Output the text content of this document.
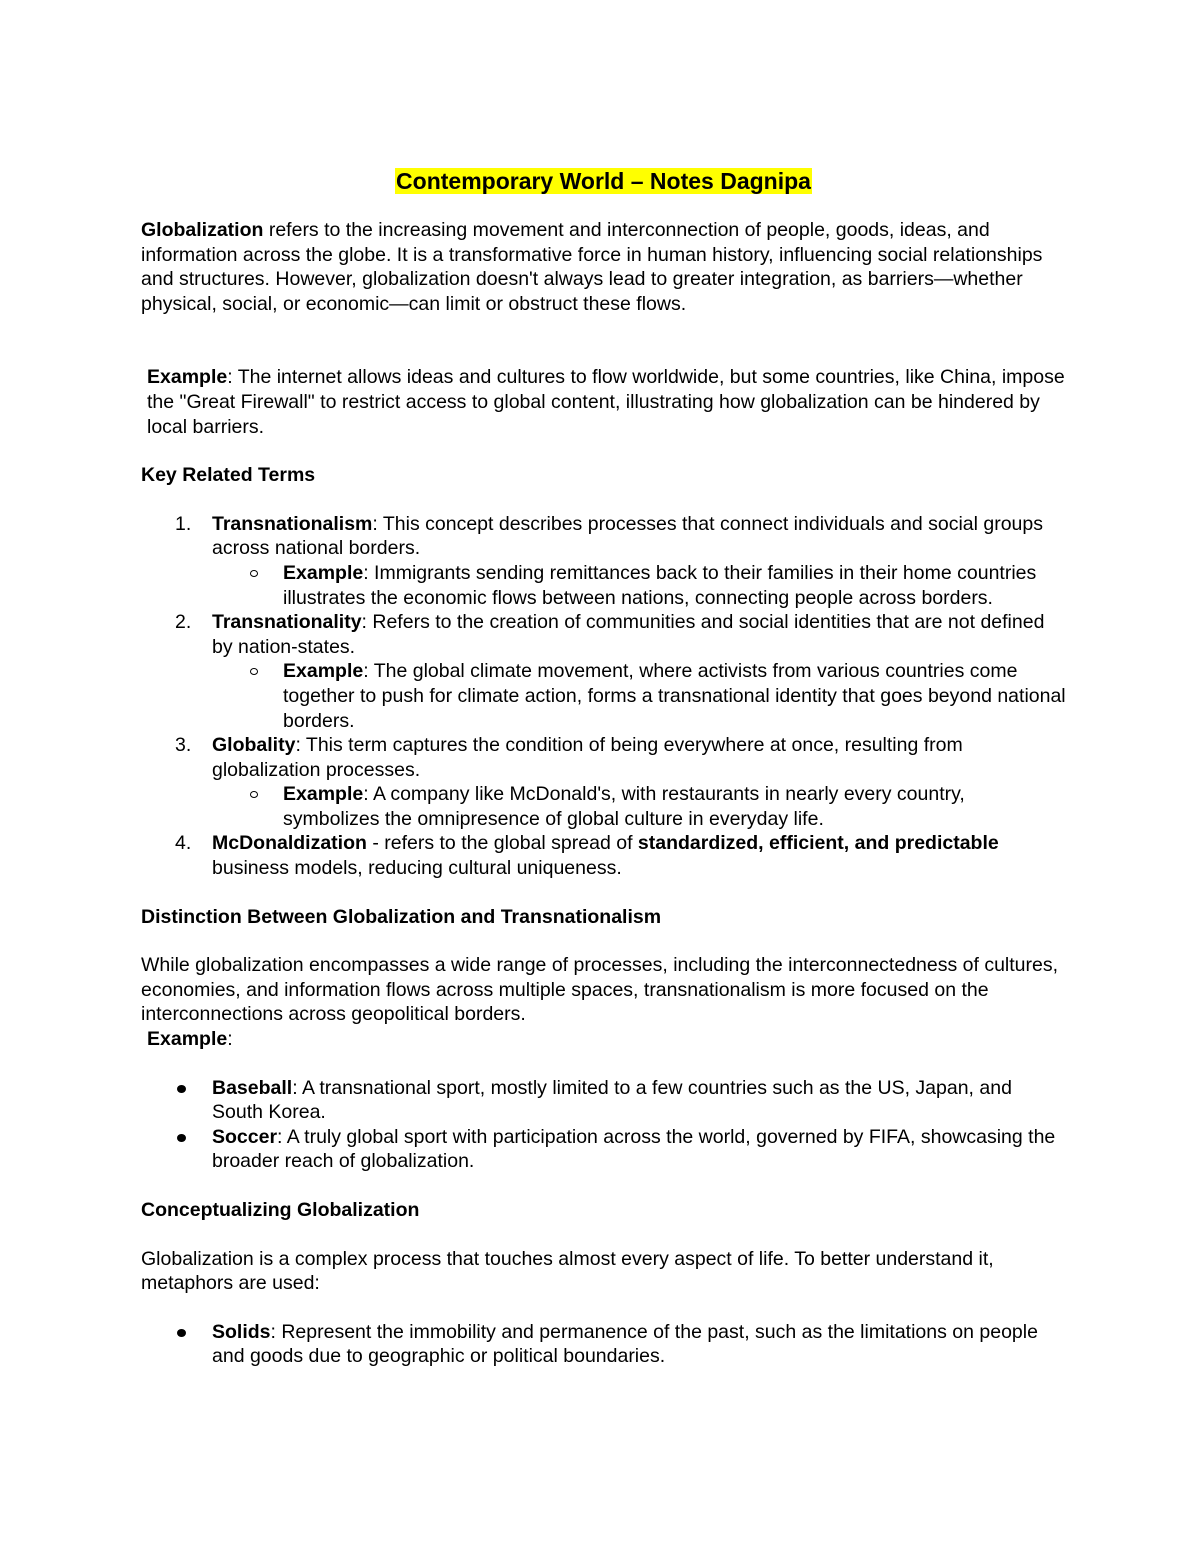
Contemporary World – Notes Dagnipa

Globalization refers to the increasing movement and interconnection of people, goods, ideas, and information across the globe. It is a transformative force in human history, influencing social relationships and structures. However, globalization doesn't always lead to greater integration, as barriers—whether physical, social, or economic—can limit or obstruct these flows.

Example: The internet allows ideas and cultures to flow worldwide, but some countries, like China, impose the "Great Firewall" to restrict access to global content, illustrating how globalization can be hindered by local barriers.

Key Related Terms

1. Transnationalism: This concept describes processes that connect individuals and social groups across national borders.
Example: Immigrants sending remittances back to their families in their home countries illustrates the economic flows between nations, connecting people across borders.
2. Transnationality: Refers to the creation of communities and social identities that are not defined by nation-states.
Example: The global climate movement, where activists from various countries come together to push for climate action, forms a transnational identity that goes beyond national borders.
3. Globality: This term captures the condition of being everywhere at once, resulting from globalization processes.
Example: A company like McDonald's, with restaurants in nearly every country, symbolizes the omnipresence of global culture in everyday life.
4. McDonaldization - refers to the global spread of standardized, efficient, and predictable business models, reducing cultural uniqueness.

Distinction Between Globalization and Transnationalism

While globalization encompasses a wide range of processes, including the interconnectedness of cultures, economies, and information flows across multiple spaces, transnationalism is more focused on the interconnections across geopolitical borders.

Example:

Baseball: A transnational sport, mostly limited to a few countries such as the US, Japan, and South Korea.
Soccer: A truly global sport with participation across the world, governed by FIFA, showcasing the broader reach of globalization.

Conceptualizing Globalization

Globalization is a complex process that touches almost every aspect of life. To better understand it, metaphors are used:

Solids: Represent the immobility and permanence of the past, such as the limitations on people and goods due to geographic or political boundaries.
